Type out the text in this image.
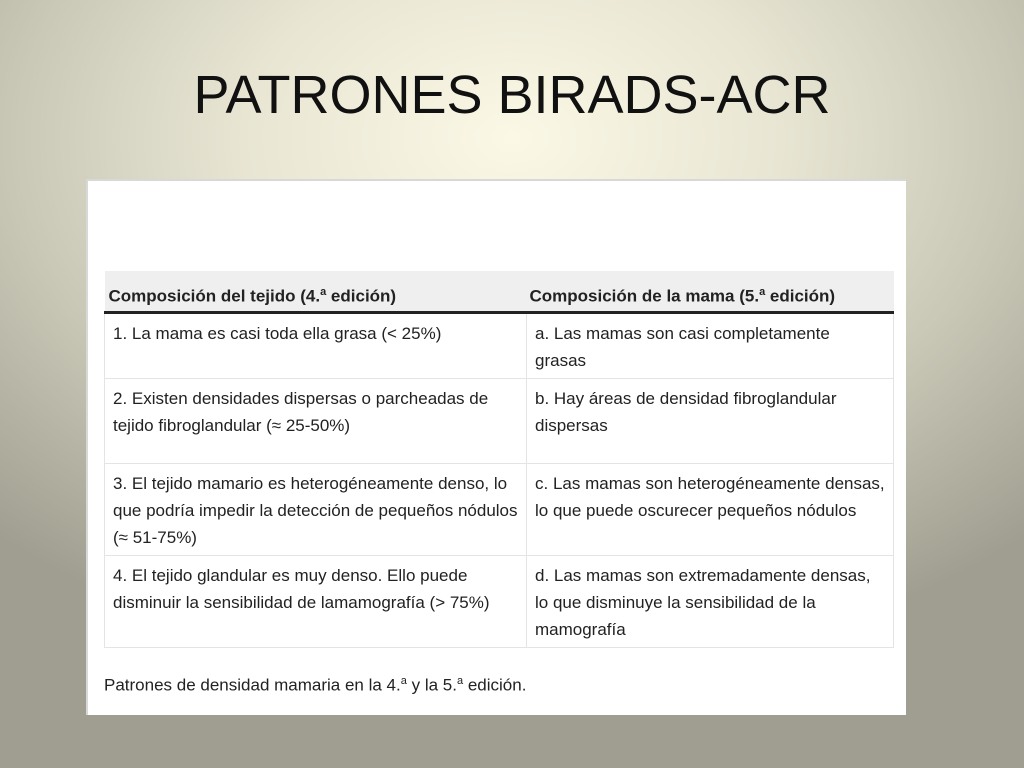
PATRONES BIRADS-ACR
Composición del tejido (4.$^a$ edición)	Composición de la mama (5.$^a$ edición)
1. La mama es casi toda ella grasa (< 25%)	a. Las mamas son casi completamente grasas
2. Existen densidades dispersas o parcheadas de tejido fibroglandular (≈ 25-50%)	b. Hay áreas de densidad fibroglandular dispersas
3. El tejido mamario es heterogéneamente denso, lo que podría impedir la detección de pequeños nódulos (≈ 51-75%)	c. Las mamas son heterogéneamente densas, lo que puede oscurecer pequeños nódulos
4. El tejido glandular es muy denso. Ello puede disminuir la sensibilidad de lamamografía (> 75%)	d. Las mamas son extremadamente densas, lo que disminuye la sensibilidad de la mamografía
Patrones de densidad mamaria en la 4.$^a$ y la 5.$^a$ edición.
